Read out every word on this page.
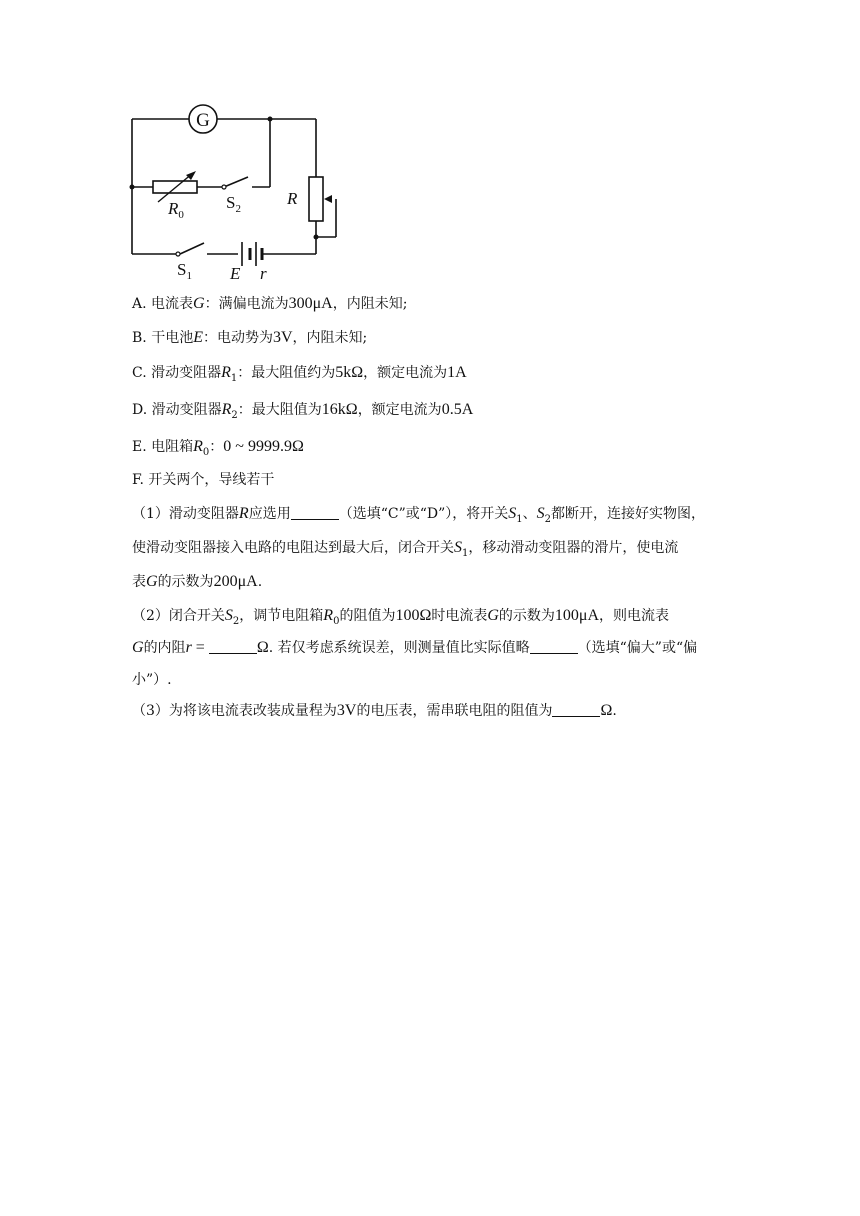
G
$R_0$
$S_2$
R
$S_1$ E r
A. 电流表G：满偏电流为300μA，内阻未知;
B. 干电池E：电动势为3V，内阻未知;
C. 滑动变阻器$R_1$：最大阻值约为5kΩ，额定电流为1A
D. 滑动变阻器$R_2$：最大阻值为16kΩ，额定电流为0.5A
E. 电阻箱$R_0$：0 ~ 9999.9Ω
F. 开关两个，导线若干
（1）滑动变阻器R应选用	（选填“C”或“D”），将开关$S_1$、$S_2$都断开，连接好实物图，
使滑动变阻器接入电路的电阻达到最大后，闭合开关$S_1$，移动滑动变阻器的滑片，使电流
表G的示数为200μA.
（2）闭合开关$S_2$，调节电阻箱$R_0$的阻值为100Ω时电流表G的示数为100μA，则电流表
G的内阻r =	Ω. 若仅考虑系统误差，则测量值比实际值略	（选填“偏大”或“偏
小”）.
（3）为将该电流表改装成量程为3V的电压表，需串联电阻的阻值为	Ω.
